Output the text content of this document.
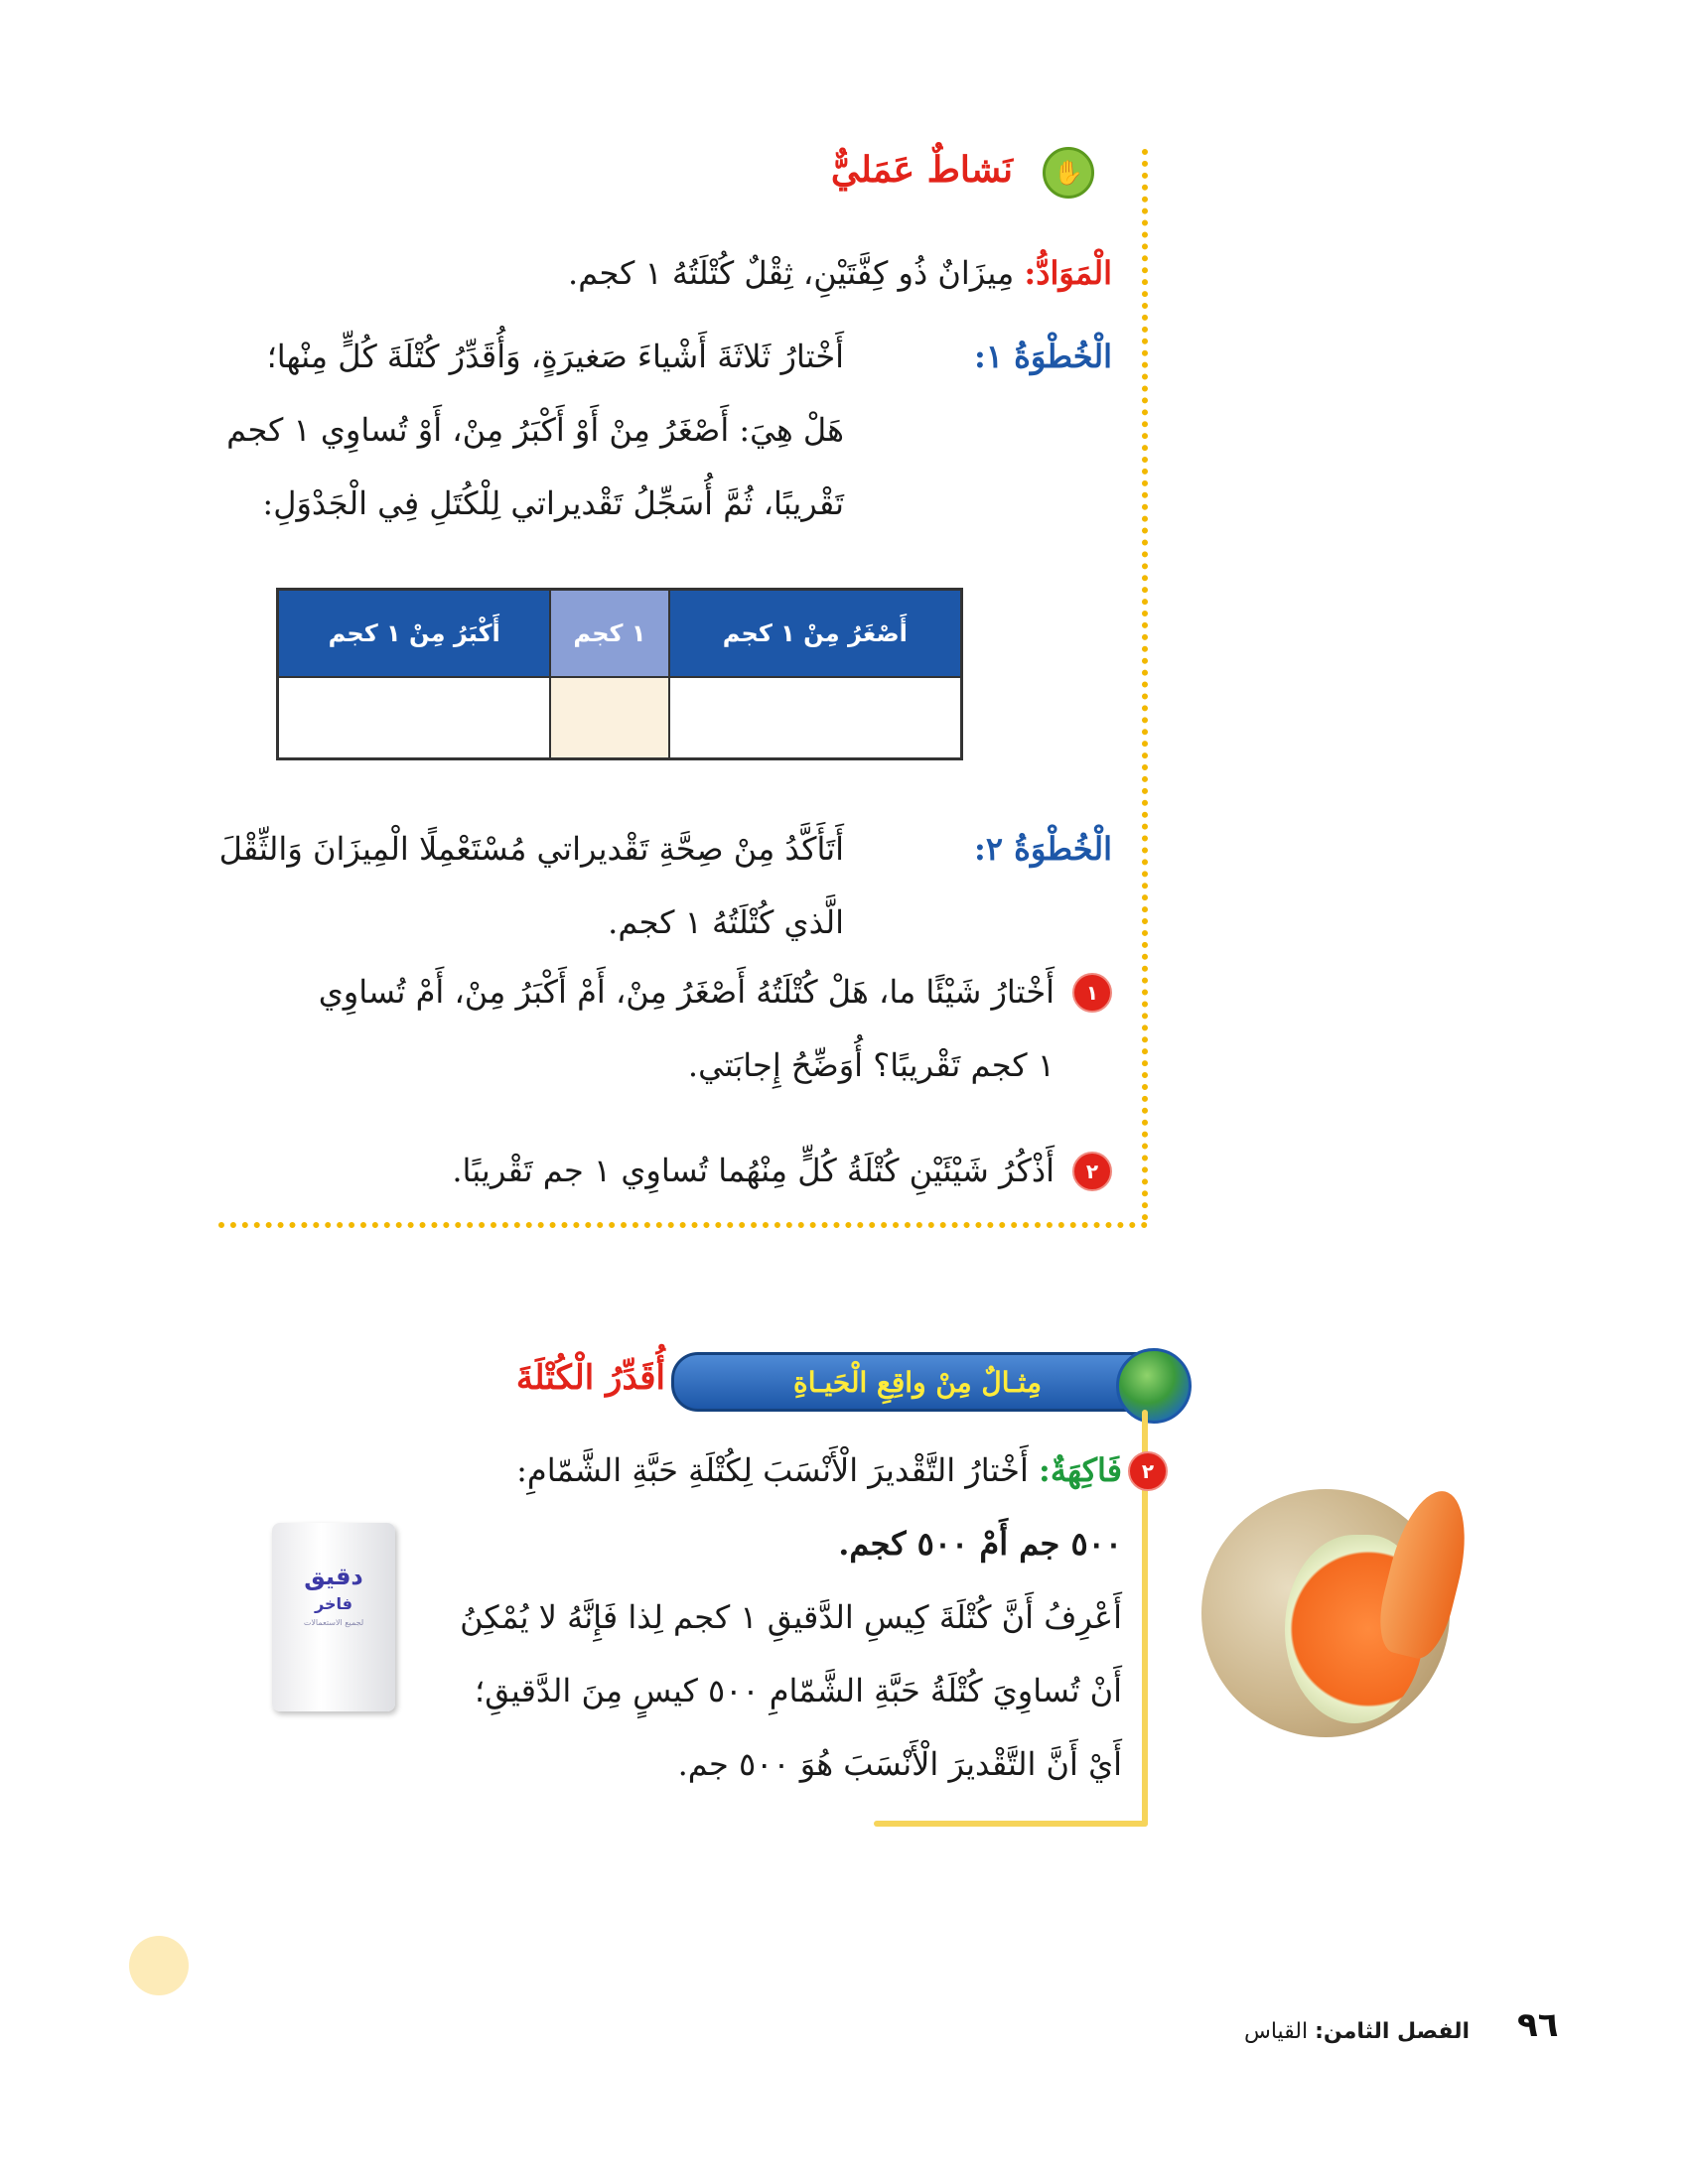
✋
نَشاطٌ عَمَليٌّ
الْمَوَادُّ: مِيزَانٌ ذُو كِفَّتَيْنِ، ثِقْلٌ كُتْلَتُهُ ١ كجم.
الْخُطْوَةُ ١:
أَخْتارُ ثَلاثَةَ أَشْياءَ صَغيرَةٍ، وَأُقَدِّرُ كُتْلَةَ كُلٍّ مِنْها؛
هَلْ هِيَ: أَصْغَرُ مِنْ أَوْ أَكْبَرُ مِنْ، أَوْ تُساوِي ١ كجم
تَقْريبًا، ثُمَّ أُسَجِّلُ تَقْديراتي لِلْكُتَلِ فِي الْجَدْوَلِ:
أَصْغَرُ مِنْ ١ كجم	١ كجم	أَكْبَرُ مِنْ ١ كجم

الْخُطْوَةُ ٢:
أَتَأَكَّدُ مِنْ صِحَّةِ تَقْديراتي مُسْتَعْمِلًا الْمِيزَانَ وَالثِّقْلَ
الَّذي كُتْلَتُهُ ١ كجم.
١
أَخْتارُ شَيْئًا ما، هَلْ كُتْلَتُهُ أَصْغَرُ مِنْ، أَمْ أَكْبَرُ مِنْ، أَمْ تُساوِي
١ كجم تَقْريبًا؟ أُوَضِّحُ إِجابَتي.
٢
أَذْكُرُ شَيْئَيْنِ كُتْلَةُ كُلٍّ مِنْهُما تُساوِي ١ جم تَقْريبًا.
مِثـالٌ مِنْ واقِعِ الْحَيـاةِ
أُقَدِّرُ الْكُتْلَةَ
٢
فَاكِهَةٌ: أَخْتارُ التَّقْديرَ الْأَنْسَبَ لِكُتْلَةِ حَبَّةِ الشَّمّامِ:
٥٠٠ جم أَمْ ٥٠٠ كجم.
أَعْرِفُ أَنَّ كُتْلَةَ كِيسِ الدَّقيقِ ١ كجم لِذا فَإِنَّهُ لا يُمْكِنُ
أَنْ تُساوِيَ كُتْلَةُ حَبَّةِ الشَّمّامِ ٥٠٠ كيسٍ مِنَ الدَّقيقِ؛
أَيْ أَنَّ التَّقْديرَ الْأَنْسَبَ هُوَ ٥٠٠ جم.
دقيق
فاخر
لجميع الاستعمالات
الفصل الثامن: القياس	٩٦
